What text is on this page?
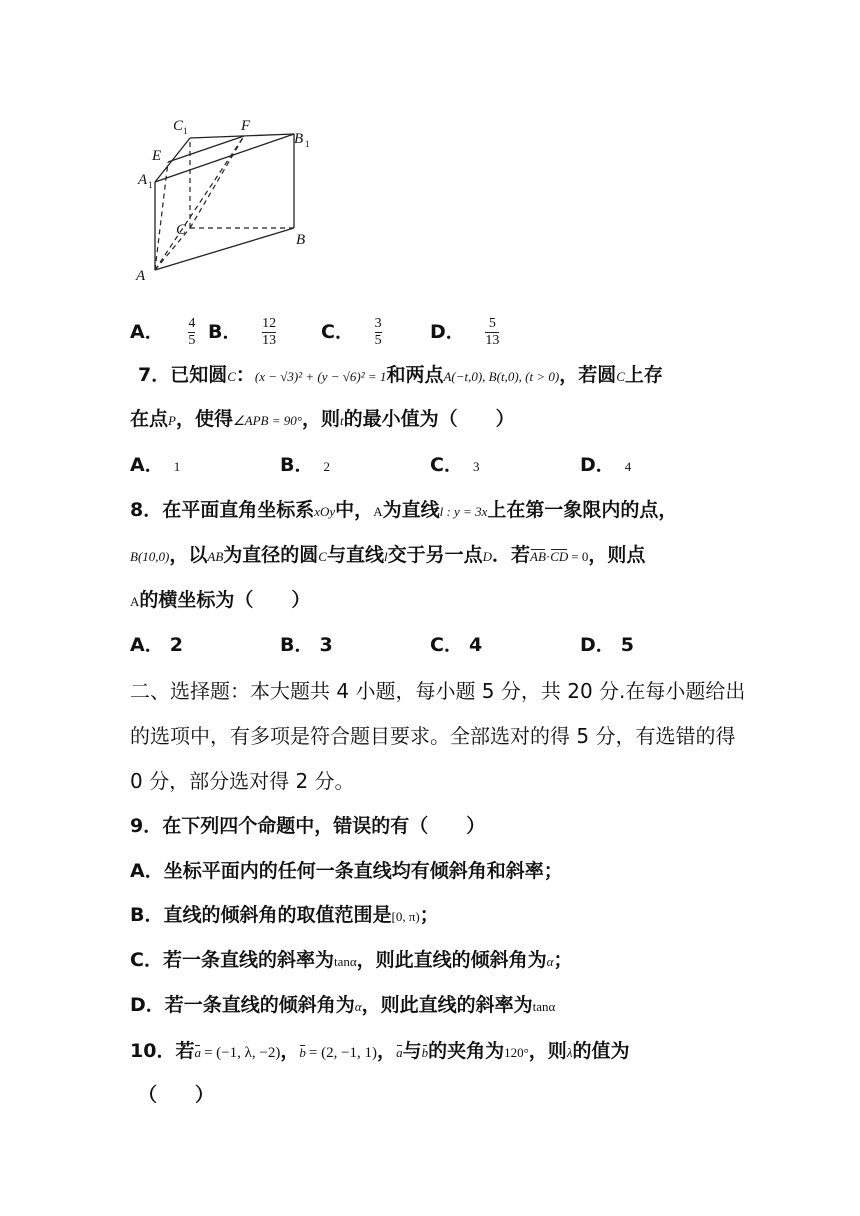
C 1	F
B 1
E
A 1
C
B
A
A． $\frac{4}{5}$ B． $\frac{12}{13}$ C． $\frac{3}{5}$	D． $\frac{5}{13}$
7．已知圆C：(x − √3)² + (y − √6)² = 1和两点A(−t,0), B(t,0), (t > 0)，若圆C上存
在点P，使得∠APB = 90°，则t的最小值为（　　）
A． 1	B． 2	C． 3	D． 4
8．在平面直角坐标系xOy中，A为直线l : y = 3x上在第一象限内的点，
B(10,0)，以AB为直径的圆C与直线l交于另一点D．若AB·CD = 0，则点
A的横坐标为（　　）
A． 2	B． 3	C． 4	D． 5
二、选择题：本大题共 4 小题，每小题 5 分，共 20 分.在每小题给出
的选项中，有多项是符合题目要求。全部选对的得 5 分，有选错的得
0 分，部分选对得 2 分。
9．在下列四个命题中，错误的有（　　）
A．坐标平面内的任何一条直线均有倾斜角和斜率；
B．直线的倾斜角的取值范围是[0, π)；
C．若一条直线的斜率为tanα，则此直线的倾斜角为α；
D．若一条直线的倾斜角为α，则此直线的斜率为tanα
10．若a = (−1, λ, −2)，b = (2, −1, 1)，a与b的夹角为120°，则λ的值为
（　　）
